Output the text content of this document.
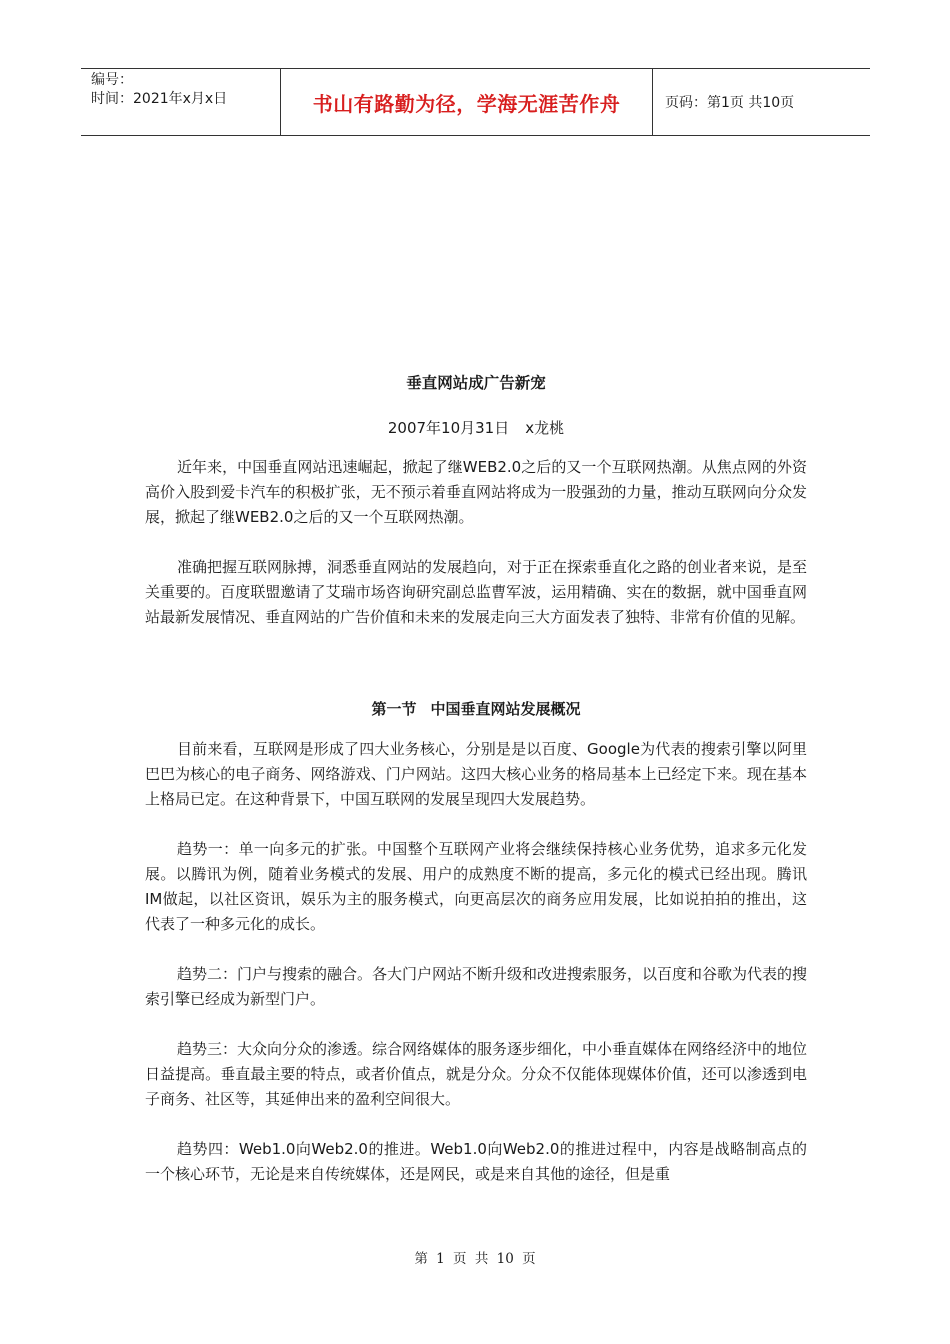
编号：
时间：2021年x月x日	书山有路勤为径，学海无涯苦作舟	页码：第1页 共10页
垂直网站成广告新宠
2007年10月31日 x龙桃

近年来，中国垂直网站迅速崛起，掀起了继WEB2.0之后的又一个互联网热潮。从焦点网的外资高价入股到爱卡汽车的积极扩张，无不预示着垂直网站将成为一股强劲的力量，推动互联网向分众发展，掀起了继WEB2.0之后的又一个互联网热潮。

准确把握互联网脉搏，洞悉垂直网站的发展趋向，对于正在探索垂直化之路的创业者来说，是至关重要的。百度联盟邀请了艾瑞市场咨询研究副总监曹军波，运用精确、实在的数据，就中国垂直网站最新发展情况、垂直网站的广告价值和未来的发展走向三大方面发表了独特、非常有价值的见解。

第一节 中国垂直网站发展概况

目前来看，互联网是形成了四大业务核心，分别是是以百度、Google为代表的搜索引擎以阿里巴巴为核心的电子商务、网络游戏、门户网站。这四大核心业务的格局基本上已经定下来。现在基本上格局已定。在这种背景下，中国互联网的发展呈现四大发展趋势。

趋势一：单一向多元的扩张。中国整个互联网产业将会继续保持核心业务优势，追求多元化发展。以腾讯为例，随着业务模式的发展、用户的成熟度不断的提高，多元化的模式已经出现。腾讯IM做起，以社区资讯，娱乐为主的服务模式，向更高层次的商务应用发展，比如说拍拍的推出，这代表了一种多元化的成长。

趋势二：门户与搜索的融合。各大门户网站不断升级和改进搜索服务，以百度和谷歌为代表的搜索引擎已经成为新型门户。

趋势三：大众向分众的渗透。综合网络媒体的服务逐步细化，中小垂直媒体在网络经济中的地位日益提高。垂直最主要的特点，或者价值点，就是分众。分众不仅能体现媒体价值，还可以渗透到电子商务、社区等，其延伸出来的盈利空间很大。

趋势四：Web1.0向Web2.0的推进。Web1.0向Web2.0的推进过程中，内容是战略制高点的一个核心环节，无论是来自传统媒体，还是网民，或是来自其他的途径，但是重

第 1 页 共 10 页
